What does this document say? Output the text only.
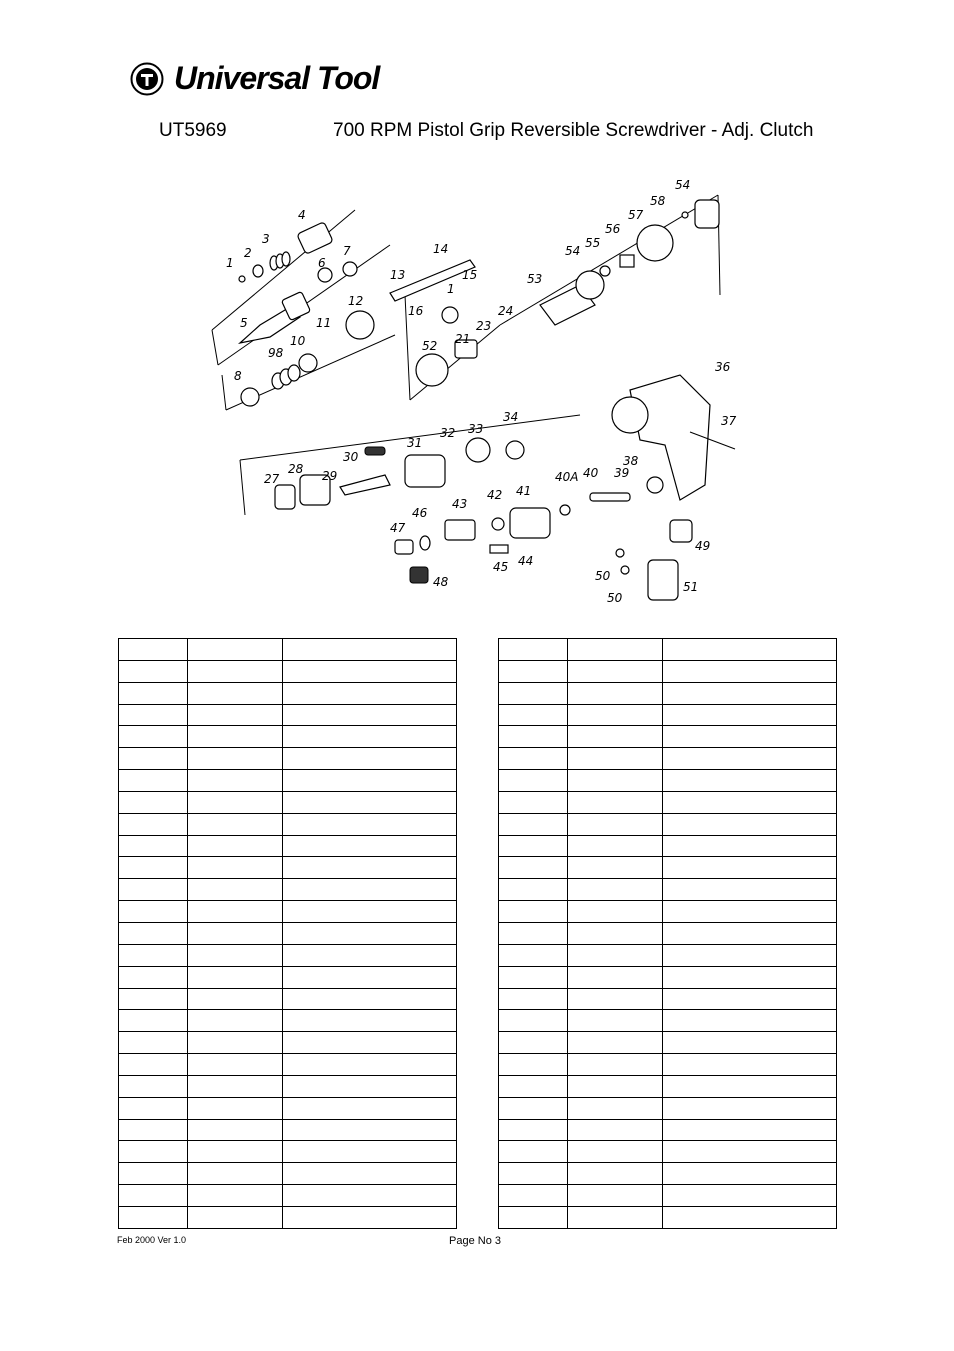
Universal Tool
UT5969	700 RPM Pistol Grip Reversible Screwdriver - Adj. Clutch
1
2
3
4
5
6
7
8
98
10
11
12
13
14
15
16
1
21
23
24
52
53
54
55
56
57
58
54
27
28 29
30
31
32 33
34
36
37
38
39
40
40A
41
42
43
44
45
46
47
48
49
50
50
51

Feb 2000 Ver 1.0	Page No 3
